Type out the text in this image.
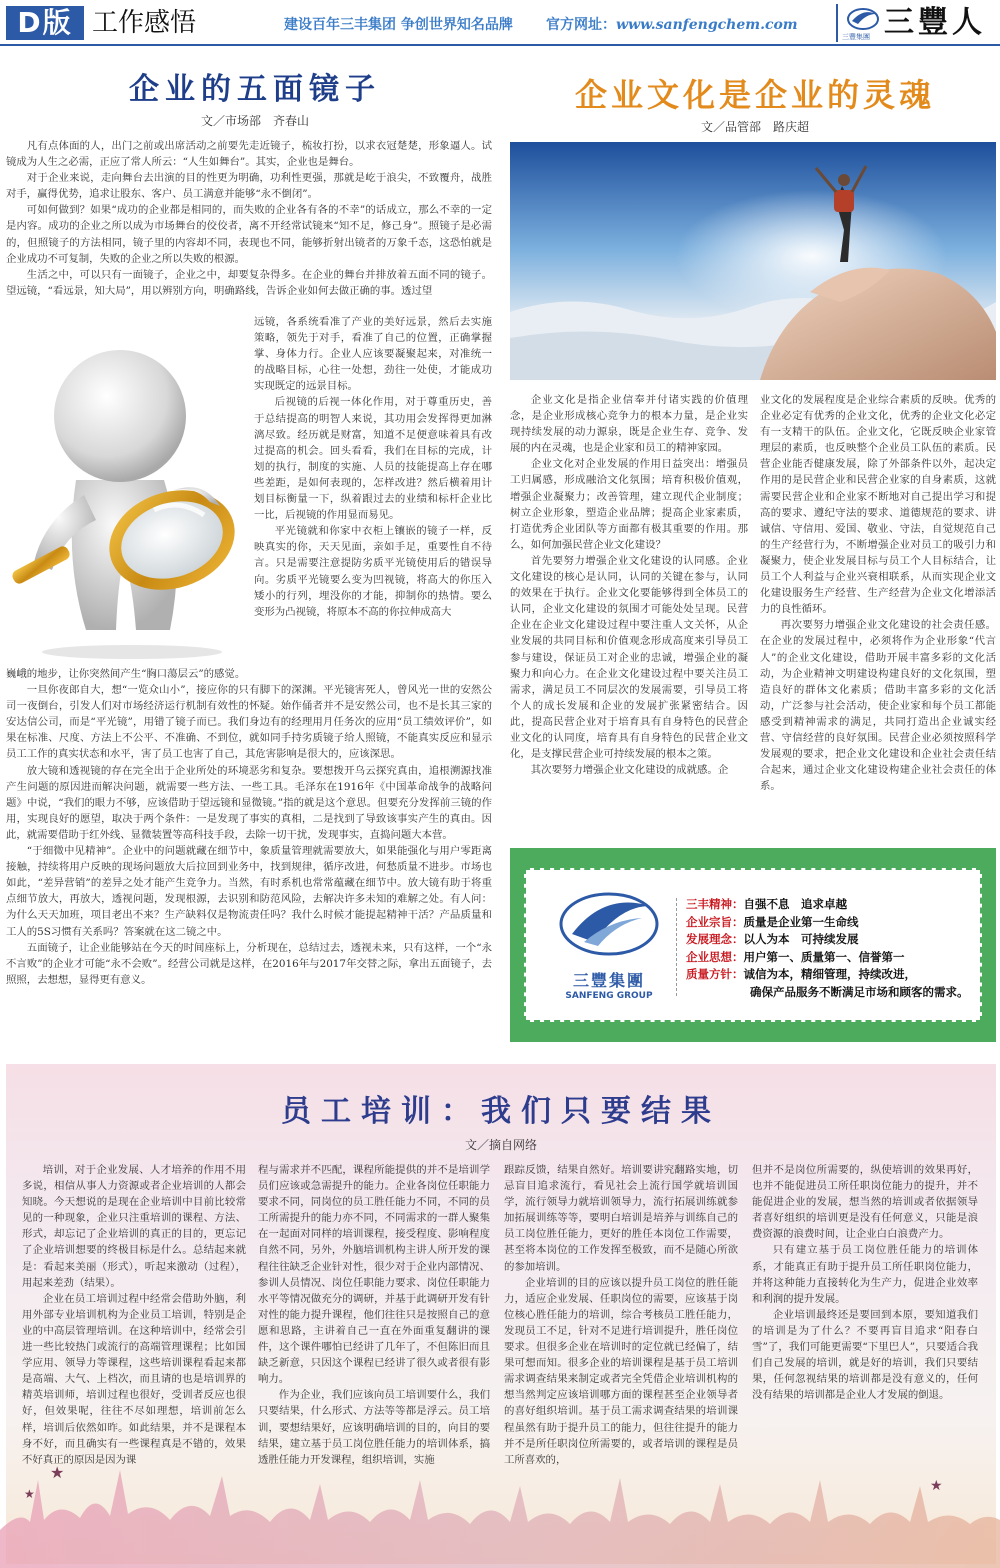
D版 工作感悟	建设百年三丰集团 争创世界知名品牌 官方网址：www.sanfengchem.com
三豐集團 三豐人
企业的五面镜子
文／市场部　齐春山

凡有点体面的人，出门之前或出席活动之前要先走近镜子，梳妆打扮，以求衣冠楚楚，形象逼人。试镜成为人生之必需，正应了常人所云：“人生如舞台”。其实，企业也是舞台。

对于企业来说，走向舞台去出演的目的性更为明确，功利性更强，那就是屹于浪尖，不致覆舟，战胜对手，赢得优势，追求让股东、客户、员工满意并能够“永不倒闭”。

可如何做到？如果“成功的企业都是相同的，而失败的企业各有各的不幸”的话成立，那么不幸的一定是内容。成功的企业之所以成为市场舞台的佼佼者，离不开经常试镜来“知不足，修己身”。照镜子是必需的，但照镜子的方法相同，镜子里的内容却不同，表现也不同，能够折射出镜者的万象千态，这恐怕就是企业成功不可复制，失败的企业之所以失败的根源。

生活之中，可以只有一面镜子，企业之中，却要复杂得多。在企业的舞台并排放着五面不同的镜子。望远镜，“看远景，知大局”，用以辨别方向，明确路线，告诉企业如何去做正确的事。透过望

远镜，各系统看准了产业的美好远景，然后去实施策略，领先于对手，看准了自己的位置，正确掌握掌、身体力行。企业人应该要凝聚起来，对准统一的战略目标，心往一处想，劲往一处使，才能成功实现既定的远景目标。

后视镜的后视一体化作用，对于尊重历史，善于总结提高的明智人来说，其功用会发挥得更加淋漓尽致。经历就是财富，知道不足便意味着具有改过提高的机会。回头看看，我们在目标的完成，计划的执行，制度的实施、人员的技能提高上存在哪些差距，是如何表现的，怎样改进？然后横着用计划目标衡量一下，纵着跟过去的业绩和标杆企业比一比，后视镜的作用显而易见。

平光镜就和你家中衣柜上镶嵌的镜子一样，反映真实的你，天天见面，亲如手足，重要性自不待言。只是需要注意提防劣质平光镜使用后的错误导向。劣质平光镜要么变为凹视镜，将高大的你压入矮小的行列，埋没你的才能，抑制你的热情。要么变形为凸视镜，将原本不高的你拉伸成高大

巍峨的地步，让你突然间产生“胸口蕩层云”的感觉。

一旦你夜郎自大，想“一览众山小”，接应你的只有脚下的深渊。平光镜害死人，曾风光一世的安然公司一夜倒台，引发人们对市场经济运行机制有效性的怀疑。始作俑者并不是安然公司，也不是长其三家的安达信公司，而是“平光镜”，用错了镜子而已。我们身边有的经理用月任务次的应用“员工绩效评价”，如果在标准、尺度、方法上不公平、不准确、不到位，就如同手持劣质镜子给人照镜，不能真实反应和显示员工工作的真实状态和水平，害了员工也害了自己，其危害影响是很大的，应该深思。

放大镜和透视镜的存在完全出于企业所处的环境恶劣和复杂。要想拨开乌云探究真由，追根溯源找准产生问题的原因进而解决问题，就需要一些方法、一些工具。毛泽东在1916年《中国革命战争的战略问题》中说，“我们的眼力不够，应该借助于望远镜和显微镜。”指的就是这个意思。但要充分发挥前三镜的作用，实现良好的愿望，取决于两个条件：一是发现了事实的真相，二是找到了导致该事实产生的真由。因此，就需要借助于红外线、显微装置等高科技手段，去除一切干扰，发现事实，直捣问题大本营。

“于细微中见精神”。企业中的问题就藏在细节中，象质量管理就需要放大，如果能强化与用户零距离接触，持续将用户反映的现场问题放大后拉回到业务中，找到规律，循序改进，何愁质量不进步。市场也如此，“差异营销”的差异之处才能产生竞争力。当然，有时系机也常常蕴藏在细节中。放大镜有助于将重点细节放大，再放大，透视问题，发现根源，去识别和防范风险，去解决许多未知的难解之处。有人问：为什么天天加班，项目老出不来？生产缺料仅是物流责任吗？我什么时候才能提起精神干活？产品质量和工人的5S习惯有关系吗？答案就在这二镜之中。

五面镜子，让企业能够站在今天的时间座标上，分析现在，总结过去，透视未来，只有这样，一个“永不言败”的企业才可能“永不会败”。经营公司就是这样，在2016年与2017年交替之际，拿出五面镜子，去照照，去想想，显得更有意义。

企业文化是企业的灵魂
文／品管部　路庆超

企业文化是指企业信奉并付诸实践的价值理念，是企业形成核心竞争力的根本力量，是企业实现持续发展的动力源泉，既是企业生存、竞争、发展的内在灵魂，也是企业家和员工的精神家园。

企业文化对企业发展的作用日益突出：增强员工归属感，形成融洽文化氛围；培育积极价值观，增强企业凝聚力；改善管理，建立现代企业制度；树立企业形象，塑造企业品牌；提高企业家素质，打造优秀企业团队等方面都有极其重要的作用。那么，如何加强民营企业文化建设？

首先要努力增强企业文化建设的认同感。企业文化建设的核心是认同，认同的关键在参与，认同的效果在于执行。企业文化要能够得到全体员工的认同，企业文化建设的氛围才可能处处呈现。民营企业在企业文化建设过程中要注重人文关怀，从企业发展的共同目标和价值观念形成高度来引导员工参与建设，保证员工对企业的忠诚，增强企业的凝聚力和向心力。在企业文化建设过程中要关注员工需求，满足员工不同层次的发展需要，引导员工将个人的成长发展和企业的发展扩张紧密结合。因此，提高民营企业对于培育具有自身特色的民营企业文化的认同度，培育具有自身特色的民营企业文化，是支撑民营企业可持续发展的根本之策。

其次要努力增强企业文化建设的成就感。企

业文化的发展程度是企业综合素质的反映。优秀的企业必定有优秀的企业文化，优秀的企业文化必定有一支精干的队伍。企业文化，它既反映企业家管理层的素质，也反映整个企业员工队伍的素质。民营企业能否健康发展，除了外部条件以外，起决定作用的是民营企业和民营企业家的自身素质，这就需要民营企业和企业家不断地对自己提出学习和提高的要求、遵纪守法的要求、道德规范的要求、讲诚信、守信用、爱国、敬业、守法，自觉规范自己的生产经营行为，不断增强企业对员工的吸引力和凝聚力，使企业发展目标与员工个人目标结合，让员工个人利益与企业兴衰相联系，从而实现企业文化建设服务生产经营、生产经营为企业文化增添活力的良性循环。

再次要努力增强企业文化建设的社会责任感。在企业的发展过程中，必须将作为企业形象“代言人”的企业文化建设，借助开展丰富多彩的文化活动，为企业精神文明建设构建良好的文化氛围，塑造良好的群体文化素质；借助丰富多彩的文化活动，广泛参与社会活动，使企业家和每个员工都能感受到精神需求的满足，共同打造出企业诚实经营、守信经营的良好氛围。民营企业必须按照科学发展观的要求，把企业文化建设和企业社会责任结合起来，通过企业文化建设构建企业社会责任的体系。

三豐集團
SANFENG GROUP
三丰精神： 自强不息　追求卓越
企业宗旨： 质量是企业第一生命线
发展理念： 以人为本　可持续发展
企业思想： 用户第一、质量第一、信誉第一
质量方针： 诚信为本，精细管理，持续改进，
确保产品服务不断满足市场和顾客的需求。
员工培训：我们只要结果
文／摘自网络

培训，对于企业发展、人才培养的作用不用多说，相信从事人力资源或者企业培训的人都会知晓。今天想说的是现在企业培训中目前比较常见的一种现象，企业只注重培训的课程、方法、形式，却忘记了企业培训的真正的目的，更忘记了企业培训想要的终极目标是什么。总结起来就是：看起来美丽（形式），听起来激动（过程），用起来差劲（结果）。

企业在员工培训过程中经常会借助外脑，利用外部专业培训机构为企业员工培训，特别是企业的中高层管理培训。在这种培训中，经常会引进一些比较热门或流行的高端管理课程；比如国学应用、领导力等课程，这些培训课程看起来都是高端、大气、上档次，而且请的也是培训界的精英培训师，培训过程也很好，受训者反应也很好，但效果呢，往往不尽如理想，培训前怎么样，培训后依然如昨。如此结果，并不是课程本身不好，而且确实有一些课程真是不错的，效果不好真正的原因是因为课

程与需求并不匹配，课程所能提供的并不是培训学员们应该或急需提升的能力。企业各岗位任职能力要求不同，同岗位的员工胜任能力不同，不同的员工所需提升的能力亦不同，不同需求的一群人聚集在一起面对同样的培训课程，接受程度、影响程度自然不同，另外，外脑培训机构主讲人所开发的课程往往缺乏企业针对性，很少对于企业内部情况、参训人员情况、岗位任职能力要求、岗位任职能力水平等情况做充分的调研，并基于此调研开发有针对性的能力提升课程，他们往往只是按照自己的意愿和思路，主讲着自己一直在外面重复翻讲的课件，这个课件哪怕已经讲了几年了，不但陈旧而且缺乏新意，只因这个课程已经讲了很久或者很有影响力。

作为企业，我们应该向员工培训要什么，我们只要结果，什么形式、方法等等都是浮云。员工培训，要想结果好，应该明确培训的目的，向目的要结果，建立基于员工岗位胜任能力的培训体系，搞透胜任能力开发课程，组织培训，实施

跟踪反馈，结果自然好。培训要讲究翻路实地，切忌盲目追求流行，看见社会上流行国学就培训国学，流行领导力就培训领导力，流行拓展训练就参加拓展训练等等，要明白培训是培养与训练自己的员工岗位胜任能力，更好的胜任本岗位工作需要，甚至将本岗位的工作发挥至极致，而不是随心所欲的参加培训。

企业培训的目的应该以提升员工岗位的胜任能力，适应企业发展、任职岗位的需要，应该基于岗位核心胜任能力的培训，综合考核员工胜任能力，发现员工不足，针对不足进行培训提升，胜任岗位要求。但很多企业在培训时的定位就已经偏了，结果可想而知。很多企业的培训课程是基于员工培训需求调查结果来制定或者完全凭借企业培训机构的想当然判定应该培训哪方面的课程甚至企业领导者的喜好组织培训。基于员工需求调查结果的培训课程虽然有助于提升员工的能力，但往往提升的能力并不是所任职岗位所需要的，或者培训的课程是员工所喜欢的，

但并不是岗位所需要的，纵使培训的效果再好，也并不能促进员工所任职岗位能力的提升，并不能促进企业的发展，想当然的培训或者依据领导者喜好组织的培训更是没有任何意义，只能是浪费资源的浪费时间，让企业白白浪费产力。

只有建立基于员工岗位胜任能力的培训体系，才能真正有助于提升员工所任职岗位能力，并将这种能力直接转化为生产力，促进企业效率和利润的提升发展。

企业培训最终还是要回到本原，要知道我们的培训是为了什么？不要再盲目追求“阳春白雪”了，我们可能更需要“下里巴人”，只要适合我们自己发展的培训，就是好的培训，我们只要结果，任何忽视结果的培训都是没有意义的，任何没有结果的培训都是企业人才发展的倒退。

★
★	★
